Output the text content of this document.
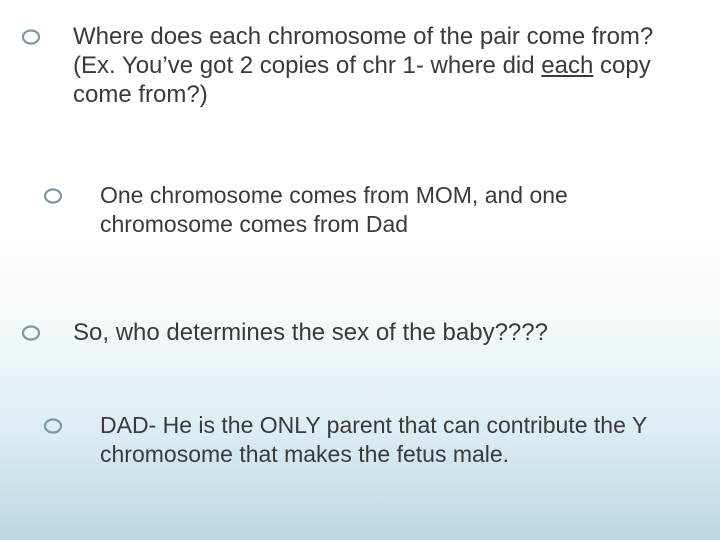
Where does each chromosome of the pair come from? (Ex. You’ve got 2 copies of chr 1- where did each copy come from?)
One chromosome comes from MOM, and one chromosome comes from Dad
So, who determines the sex of the baby????
DAD- He is the ONLY parent that can contribute the Y chromosome that makes the fetus male.
